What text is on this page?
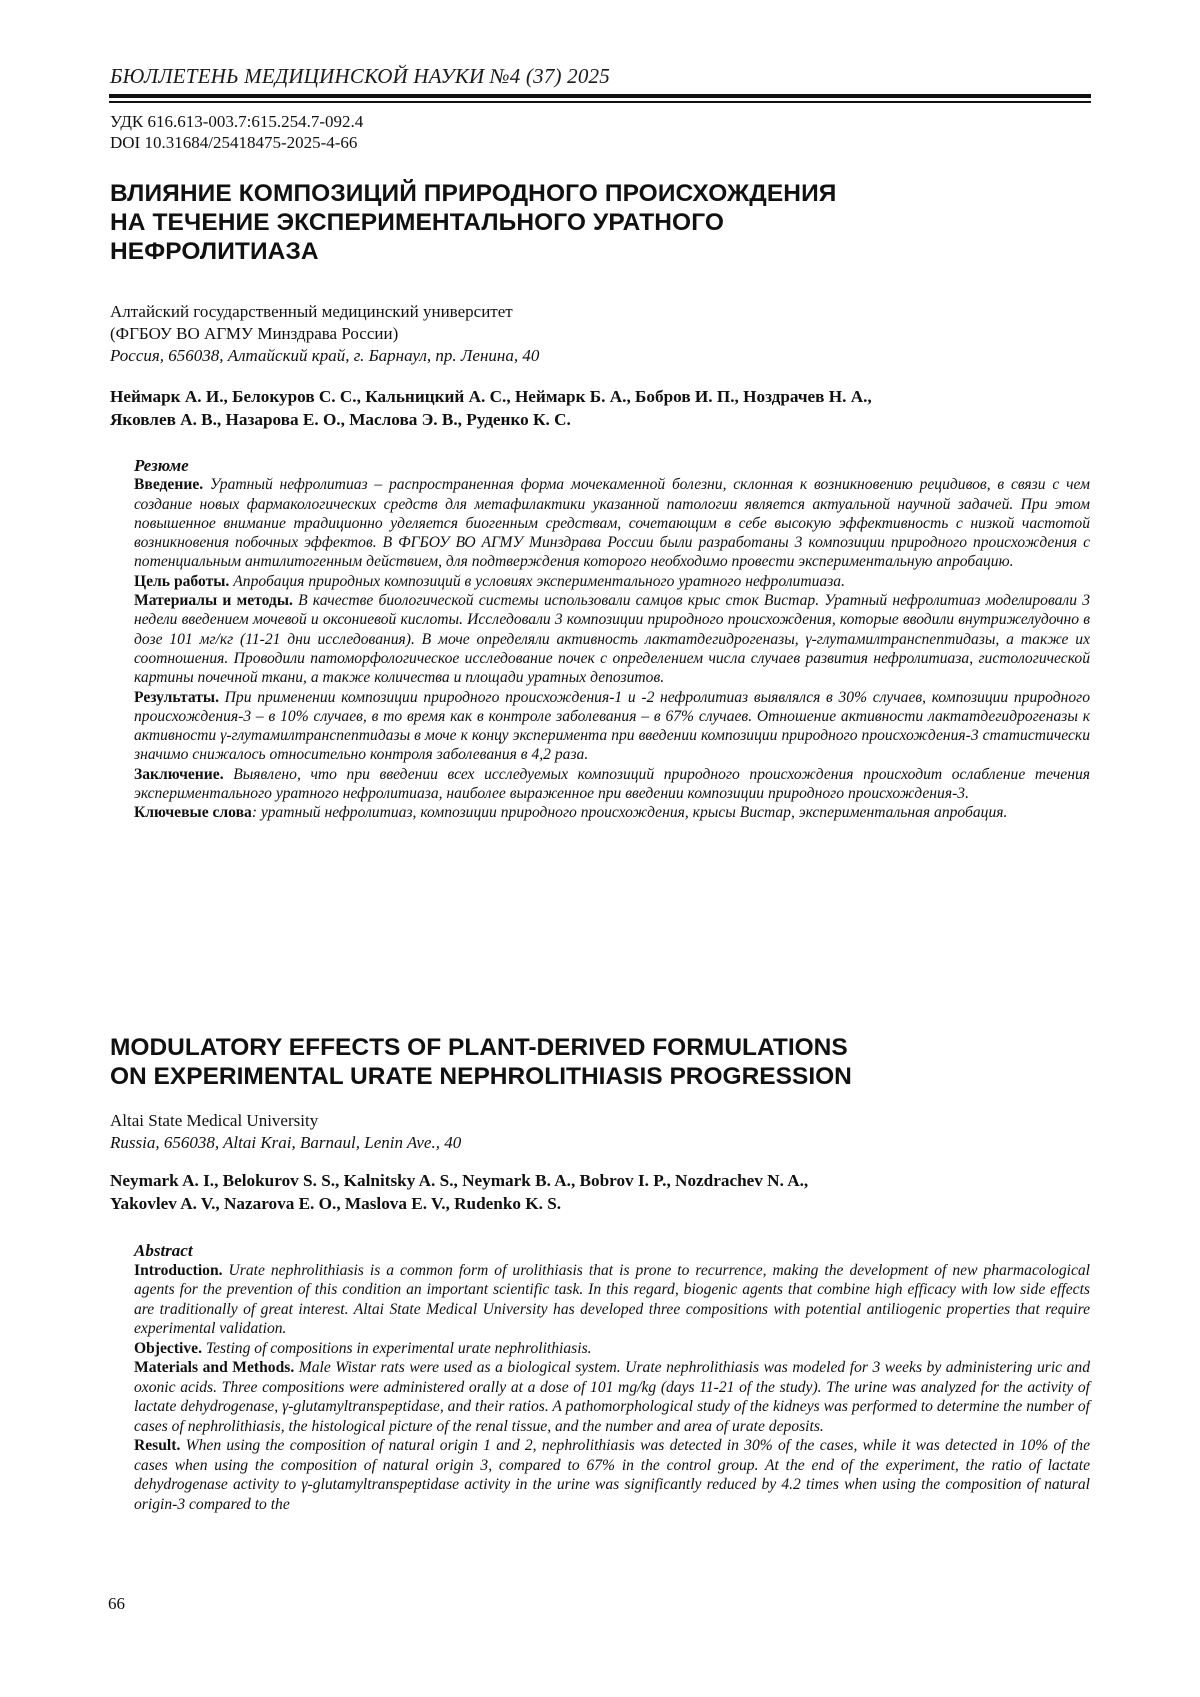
БЮЛЛЕТЕНЬ МЕДИЦИНСКОЙ НАУКИ №4 (37) 2025
УДК 616.613-003.7:615.254.7-092.4
DOI 10.31684/25418475-2025-4-66
ВЛИЯНИЕ КОМПОЗИЦИЙ ПРИРОДНОГО ПРОИСХОЖДЕНИЯ
НА ТЕЧЕНИЕ ЭКСПЕРИМЕНТАЛЬНОГО УРАТНОГО
НЕФРОЛИТИАЗА
Алтайский государственный медицинский университет
(ФГБОУ ВО АГМУ Минздрава России)
Россия, 656038, Алтайский край, г. Барнаул, пр. Ленина, 40
Неймарк А. И., Белокуров С. С., Кальницкий А. С., Неймарк Б. А., Бобров И. П., Ноздрачев Н. А.,
Яковлев А. В., Назарова Е. О., Маслова Э. В., Руденко К. С.
Резюме

Введение. Уратный нефролитиаз – распространенная форма мочекаменной болезни, склонная к возникновению рецидивов, в связи с чем создание новых фармакологических средств для метафилактики указанной патологии является актуальной научной задачей. При этом повышенное внимание традиционно уделяется биогенным средствам, сочетающим в себе высокую эффективность с низкой частотой возникновения побочных эффектов. В ФГБОУ ВО АГМУ Минздрава России были разработаны 3 композиции природного происхождения с потенциальным антилитогенным действием, для подтверждения которого необходимо провести экспериментальную апробацию.

Цель работы. Апробация природных композиций в условиях экспериментального уратного нефролитиаза.

Материалы и методы. В качестве биологической системы использовали самцов крыс сток Вистар. Уратный нефролитиаз моделировали 3 недели введением мочевой и оксониевой кислоты. Исследовали 3 композиции природного происхождения, которые вводили внутрижелудочно в дозе 101 мг/кг (11-21 дни исследования). В моче определяли активность лактатдегидрогеназы, γ-глутамилтранспептидазы, а также их соотношения. Проводили патоморфологическое исследование почек с определением числа случаев развития нефролитиаза, гистологической картины почечной ткани, а также количества и площади уратных депозитов.

Результаты. При применении композиции природного происхождения-1 и -2 нефролитиаз выявлялся в 30% случаев, композиции природного происхождения-3 – в 10% случаев, в то время как в контроле заболевания – в 67% случаев. Отношение активности лактатдегидрогеназы к активности γ-глутамилтранспептидазы в моче к концу эксперимента при введении композиции природного происхождения-3 статистически значимо снижалось относительно контроля заболевания в 4,2 раза.

Заключение. Выявлено, что при введении всех исследуемых композиций природного происхождения происходит ослабление течения экспериментального уратного нефролитиаза, наиболее выраженное при введении композиции природного происхождения-3.

Ключевые слова: уратный нефролитиаз, композиции природного происхождения, крысы Вистар, экспериментальная апробация.

MODULATORY EFFECTS OF PLANT-DERIVED FORMULATIONS
ON EXPERIMENTAL URATE NEPHROLITHIASIS PROGRESSION
Altai State Medical University
Russia, 656038, Altai Krai, Barnaul, Lenin Ave., 40
Neymark A. I., Belokurov S. S., Kalnitsky A. S., Neymark B. A., Bobrov I. P., Nozdrachev N. A.,
Yakovlev A. V., Nazarova E. O., Maslova E. V., Rudenko K. S.
Abstract

Introduction. Urate nephrolithiasis is a common form of urolithiasis that is prone to recurrence, making the development of new pharmacological agents for the prevention of this condition an important scientific task. In this regard, biogenic agents that combine high efficacy with low side effects are traditionally of great interest. Altai State Medical University has developed three compositions with potential antiliogenic properties that require experimental validation.

Objective. Testing of compositions in experimental urate nephrolithiasis.

Materials and Methods. Male Wistar rats were used as a biological system. Urate nephrolithiasis was modeled for 3 weeks by administering uric and oxonic acids. Three compositions were administered orally at a dose of 101 mg/kg (days 11-21 of the study). The urine was analyzed for the activity of lactate dehydrogenase, γ-glutamyltranspeptidase, and their ratios. A pathomorphological study of the kidneys was performed to determine the number of cases of nephrolithiasis, the histological picture of the renal tissue, and the number and area of urate deposits.

Result. When using the composition of natural origin 1 and 2, nephrolithiasis was detected in 30% of the cases, while it was detected in 10% of the cases when using the composition of natural origin 3, compared to 67% in the control group. At the end of the experiment, the ratio of lactate dehydrogenase activity to γ-glutamyltranspeptidase activity in the urine was significantly reduced by 4.2 times when using the composition of natural origin-3 compared to the

66
